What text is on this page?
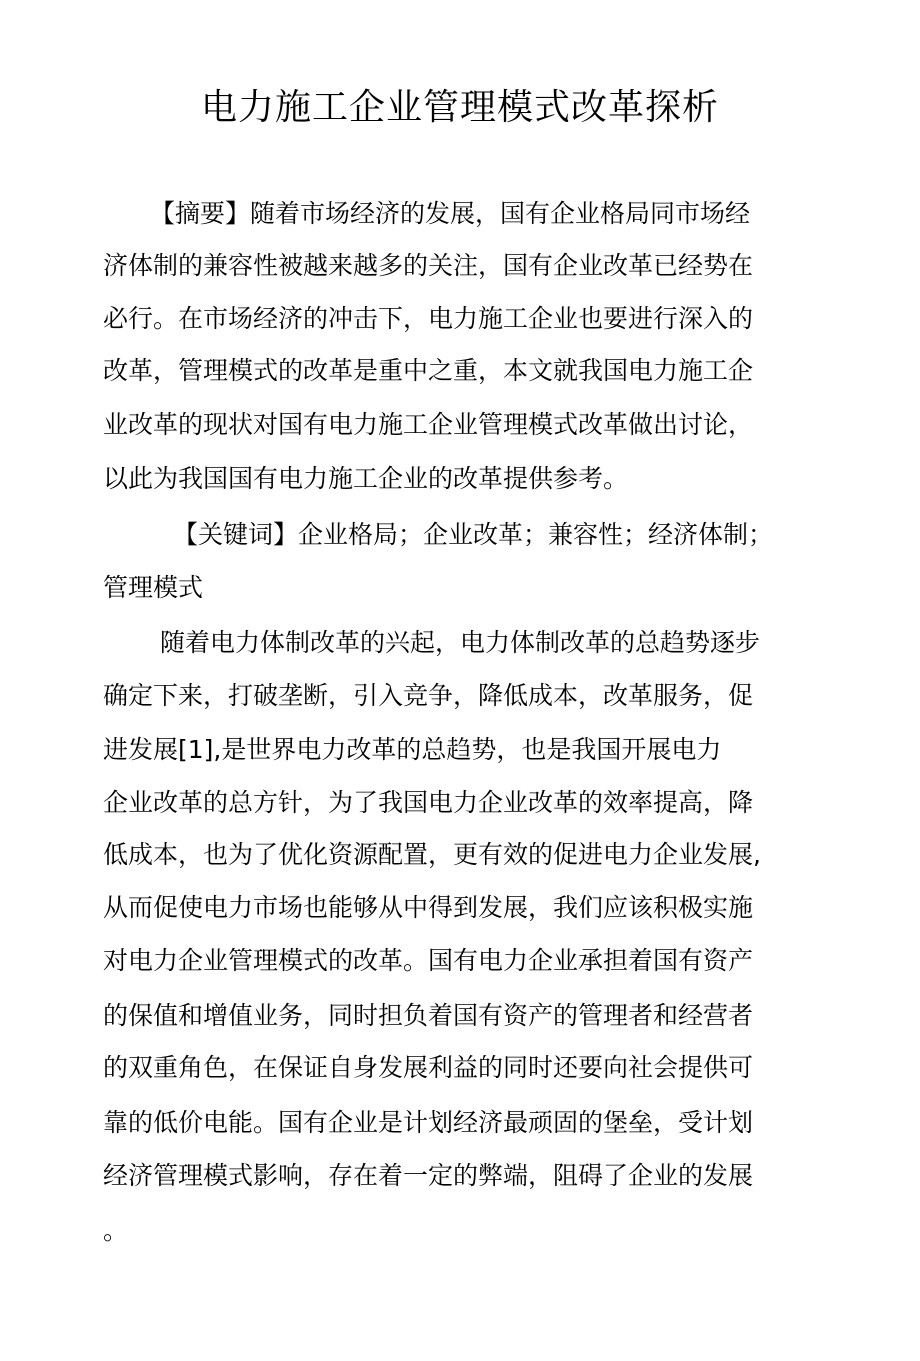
电力施工企业管理模式改革探析
【摘要】随着市场经济的发展，国有企业格局同市场经
济体制的兼容性被越来越多的关注，国有企业改革已经势在
必行。在市场经济的冲击下，电力施工企业也要进行深入的
改革，管理模式的改革是重中之重，本文就我国电力施工企
业改革的现状对国有电力施工企业管理模式改革做出讨论，
以此为我国国有电力施工企业的改革提供参考。
【关键词】企业格局；企业改革；兼容性；经济体制；
管理模式
随着电力体制改革的兴起，电力体制改革的总趋势逐步
确定下来，打破垄断，引入竞争，降低成本，改革服务，促
进发展[1],是世界电力改革的总趋势，也是我国开展电力
企业改革的总方针，为了我国电力企业改革的效率提高，降
低成本，也为了优化资源配置，更有效的促进电力企业发展,
从而促使电力市场也能够从中得到发展，我们应该积极实施
对电力企业管理模式的改革。国有电力企业承担着国有资产
的保值和增值业务，同时担负着国有资产的管理者和经营者
的双重角色，在保证自身发展利益的同时还要向社会提供可
靠的低价电能。国有企业是计划经济最顽固的堡垒，受计划
经济管理模式影响，存在着一定的弊端，阻碍了企业的发展
。
